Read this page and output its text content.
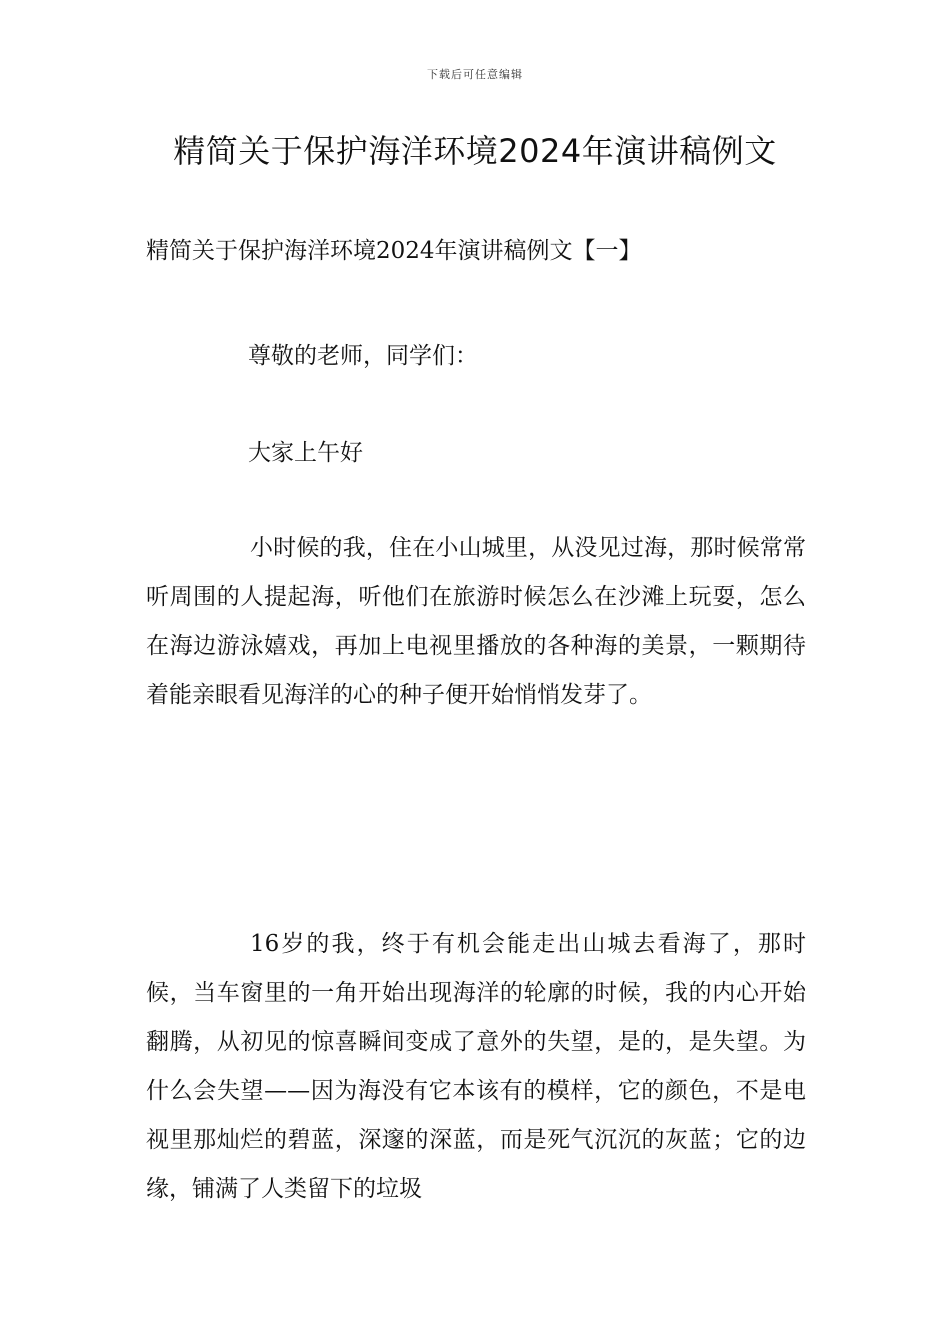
下载后可任意编辑
精简关于保护海洋环境2024年演讲稿例文

精简关于保护海洋环境2024年演讲稿例文【一】

尊敬的老师，同学们：

大家上午好

小时候的我，住在小山城里，从没见过海，那时候常常听周围的人提起海，听他们在旅游时候怎么在沙滩上玩耍，怎么在海边游泳嬉戏，再加上电视里播放的各种海的美景，一颗期待着能亲眼看见海洋的心的种子便开始悄悄发芽了。

16岁的我，终于有机会能走出山城去看海了，那时候，当车窗里的一角开始出现海洋的轮廓的时候，我的内心开始翻腾，从初见的惊喜瞬间变成了意外的失望，是的，是失望。为什么会失望——因为海没有它本该有的模样，它的颜色，不是电视里那灿烂的碧蓝，深邃的深蓝，而是死气沉沉的灰蓝；它的边缘，铺满了人类留下的垃圾
